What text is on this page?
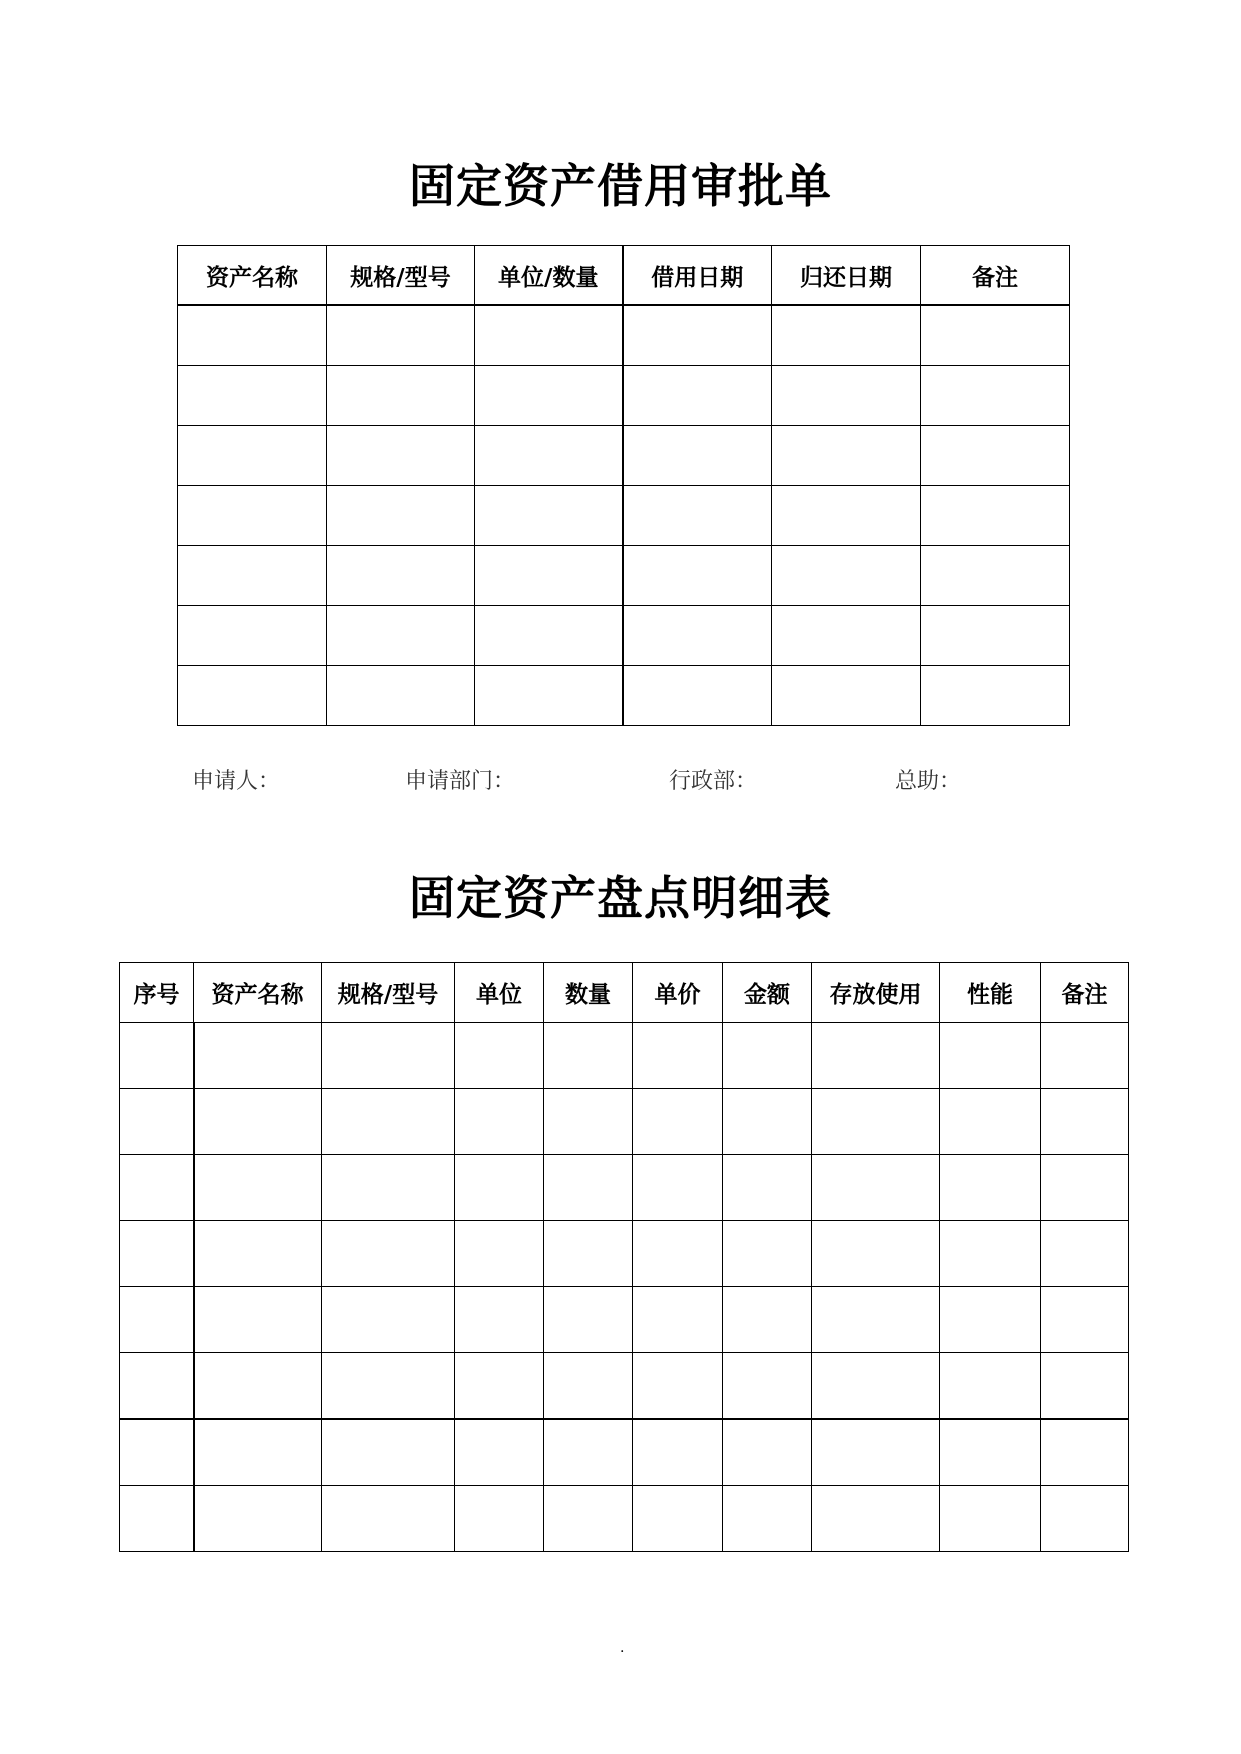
固定资产借用审批单
资产名称	规格/型号	单位/数量	借用日期	归还日期	备注

申请人：	申请部门：	行政部：	总助：
固定资产盘点明细表
序号	资产名称	规格/型号	单位	数量	单价	金额	存放使用	性能	备注

.
